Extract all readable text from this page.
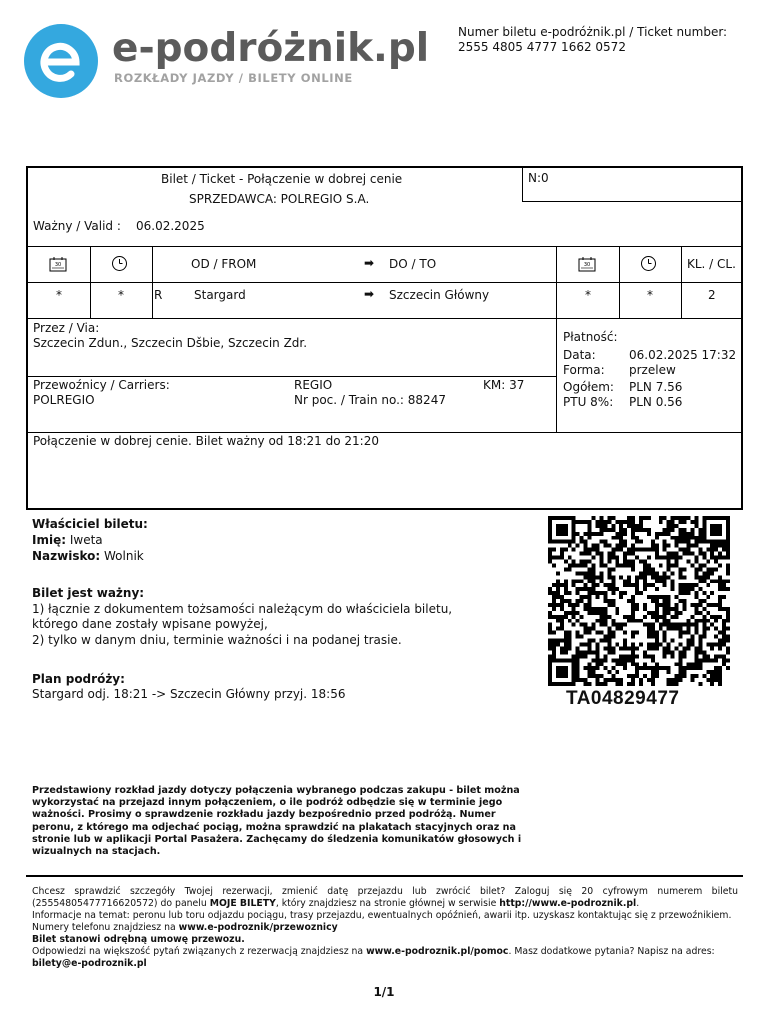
e-podróżnik.pl
ROZKŁADY JAZDY / BILETY ONLINE
Numer biletu e-podróżnik.pl / Ticket number:
2555 4805 4777 1662 0572
Bilet / Ticket - Połączenie w dobrej cenie
SPRZEDAWCA: POLREGIO S.A.
N:0
Ważny / Valid : 06.02.2025
30	OD / FROM	➡ DO / TO	30	KL. / CL.
*	*	R	Stargard	➡ Szczecin Główny	*	*	2
Przez / Via:
Szczecin Zdun., Szczecin Dšbie, Szczecin Zdr.
Przewoźnicy / Carriers:
POLREGIO
REGIO
Nr poc. / Train no.: 88247
KM: 37
Płatność:
Data:	06.02.2025 17:32
Forma: przelew
Ogółem: PLN 7.56
PTU 8%: PLN 0.56
Połączenie w dobrej cenie. Bilet ważny od 18:21 do 21:20
Właściciel biletu:
Imię: Iweta
Nazwisko: Wolnik
Bilet jest ważny:
1) łącznie z dokumentem tożsamości należącym do właściciela biletu,
którego dane zostały wpisane powyżej,
2) tylko w danym dniu, terminie ważności i na podanej trasie.
Plan podróży:
Stargard odj. 18:21 -> Szczecin Główny przyj. 18:56	TA04829477
Przedstawiony rozkład jazdy dotyczy połączenia wybranego podczas zakupu - bilet można wykorzystać na przejazd innym połączeniem, o ile podróż odbędzie się w terminie jego ważności. Prosimy o sprawdzenie rozkładu jazdy bezpośrednio przed podróżą. Numer peronu, z którego ma odjechać pociąg, można sprawdzić na plakatach stacyjnych oraz na stronie lub w aplikacji Portal Pasażera. Zachęcamy do śledzenia komunikatów głosowych i wizualnych na stacjach.

Chcesz sprawdzić szczegóły Twojej rezerwacji, zmienić datę przejazdu lub zwrócić bilet? Zaloguj się 20 cyfrowym numerem biletu (25554805477716620572) do panelu MOJE BILETY, który znajdziesz na stronie głównej w serwisie http://www.e-podroznik.pl.

Informacje na temat: peronu lub toru odjazdu pociągu, trasy przejazdu, ewentualnych opóźnień, awarii itp. uzyskasz kontaktując się z przewoźnikiem.

Numery telefonu znajdziesz na www.e-podroznik/przewoznicy

Bilet stanowi odrębną umowę przewozu.

Odpowiedzi na większość pytań związanych z rezerwacją znajdziesz na www.e-podroznik.pl/pomoc. Masz dodatkowe pytania? Napisz na adres:

bilety@e-podroznik.pl

1/1
